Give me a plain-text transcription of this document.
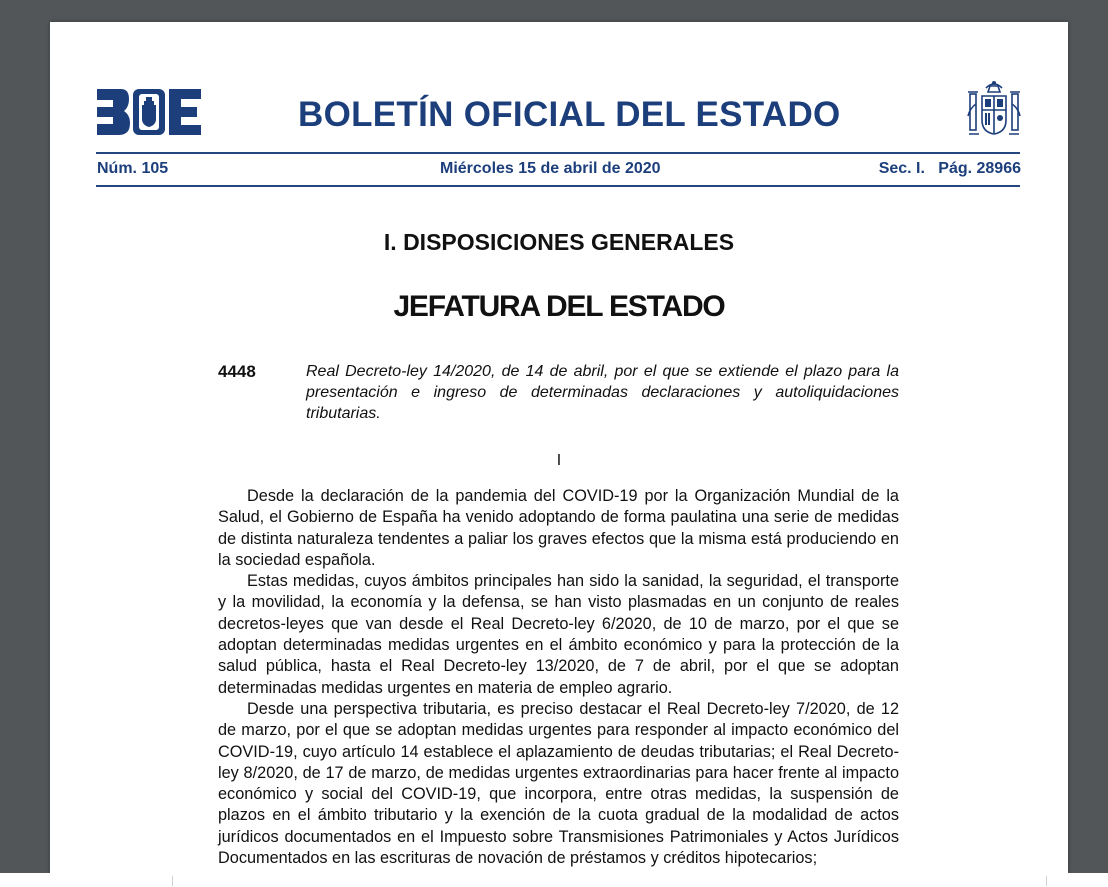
BOLETÍN OFICIAL DEL ESTADO
Núm. 105	Miércoles 15 de abril de 2020	Sec. I.   Pág. 28966
I. DISPOSICIONES GENERALES
JEFATURA DEL ESTADO
4448	Real Decreto-ley 14/2020, de 14 de abril, por el que se extiende el plazo para la presentación e ingreso de determinadas declaraciones y autoliquidaciones tributarias.

I

Desde la declaración de la pandemia del COVID-19 por la Organización Mundial de la Salud, el Gobierno de España ha venido adoptando de forma paulatina una serie de medidas de distinta naturaleza tendentes a paliar los graves efectos que la misma está produciendo en la sociedad española.

Estas medidas, cuyos ámbitos principales han sido la sanidad, la seguridad, el transporte y la movilidad, la economía y la defensa, se han visto plasmadas en un conjunto de reales decretos-leyes que van desde el Real Decreto-ley 6/2020, de 10 de marzo, por el que se adoptan determinadas medidas urgentes en el ámbito económico y para la protección de la salud pública, hasta el Real Decreto-ley 13/2020, de 7 de abril, por el que se adoptan determinadas medidas urgentes en materia de empleo agrario.

Desde una perspectiva tributaria, es preciso destacar el Real Decreto-ley 7/2020, de 12 de marzo, por el que se adoptan medidas urgentes para responder al impacto económico del COVID-19, cuyo artículo 14 establece el aplazamiento de deudas tributarias; el Real Decreto-ley 8/2020, de 17 de marzo, de medidas urgentes extraordinarias para hacer frente al impacto económico y social del COVID-19, que incorpora, entre otras medidas, la suspensión de plazos en el ámbito tributario y la exención de la cuota gradual de la modalidad de actos jurídicos documentados en el Impuesto sobre Transmisiones Patrimoniales y Actos Jurídicos Documentados en las escrituras de novación de préstamos y créditos hipotecarios;
